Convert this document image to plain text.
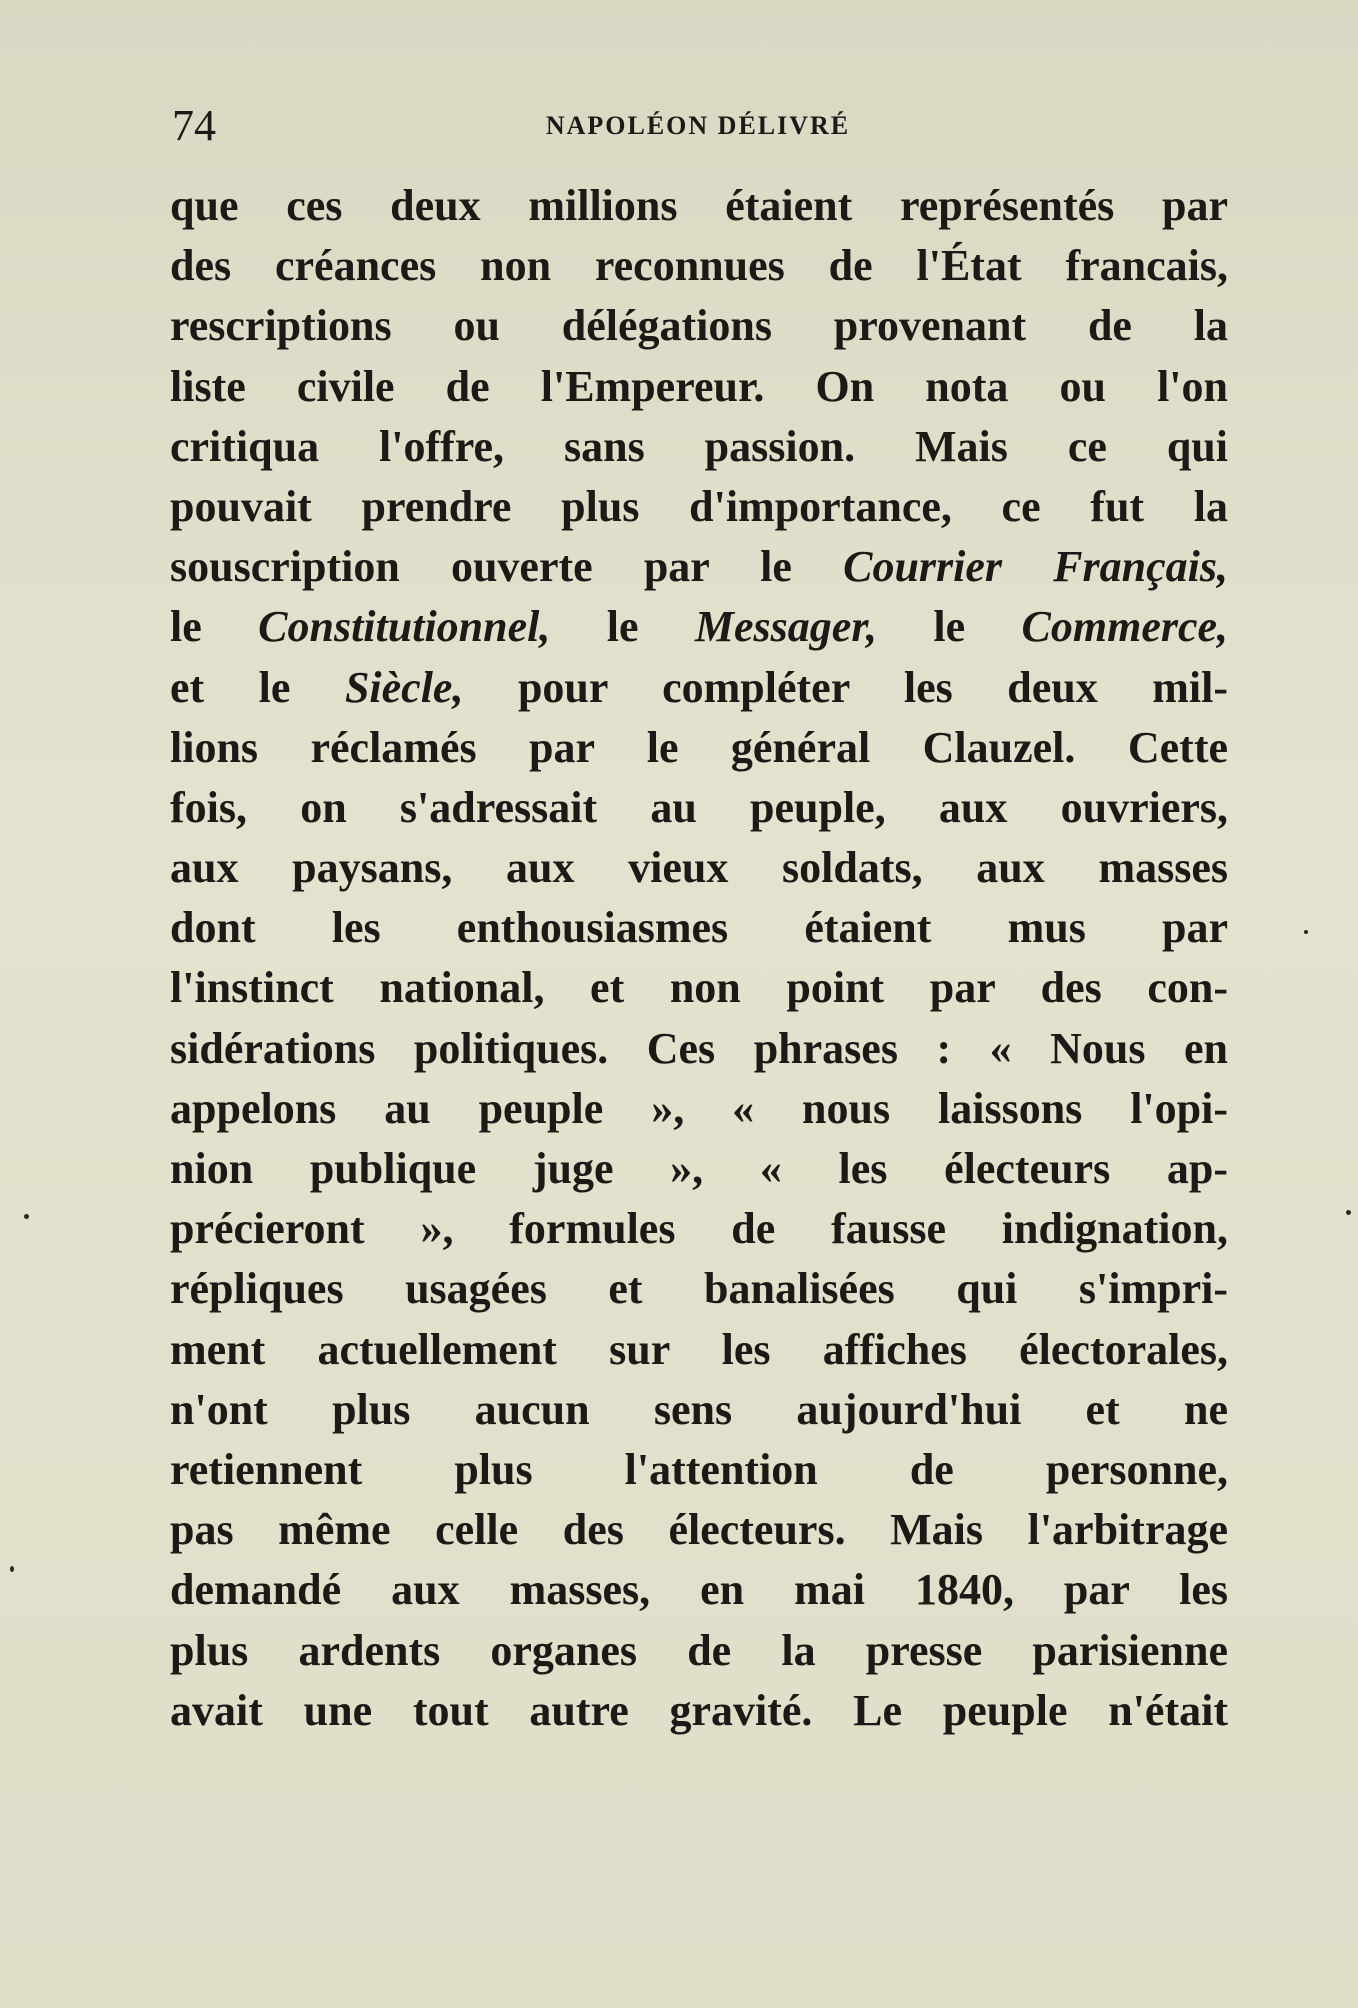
74	NAPOLÉON DÉLIVRÉ
que ces deux millions étaient représentés par
des créances non reconnues de l'État francais,
rescriptions ou délégations provenant de la
liste civile de l'Empereur. On nota ou l'on
critiqua l'offre, sans passion. Mais ce qui
pouvait prendre plus d'importance, ce fut la
souscription ouverte par le Courrier Français,
le Constitutionnel, le Messager, le Commerce,
et le Siècle, pour compléter les deux mil-
lions réclamés par le général Clauzel. Cette
fois, on s'adressait au peuple, aux ouvriers,
aux paysans, aux vieux soldats, aux masses
dont les enthousiasmes étaient mus par
l'instinct national, et non point par des con-
sidérations politiques. Ces phrases : « Nous en
appelons au peuple », « nous laissons l'opi-
nion publique juge », « les électeurs ap-
précieront », formules de fausse indignation,
répliques usagées et banalisées qui s'impri-
ment actuellement sur les affiches électorales,
n'ont plus aucun sens aujourd'hui et ne
retiennent plus l'attention de personne,
pas même celle des électeurs. Mais l'arbitrage
demandé aux masses, en mai 1840, par les
plus ardents organes de la presse parisienne
avait une tout autre gravité. Le peuple n'était
